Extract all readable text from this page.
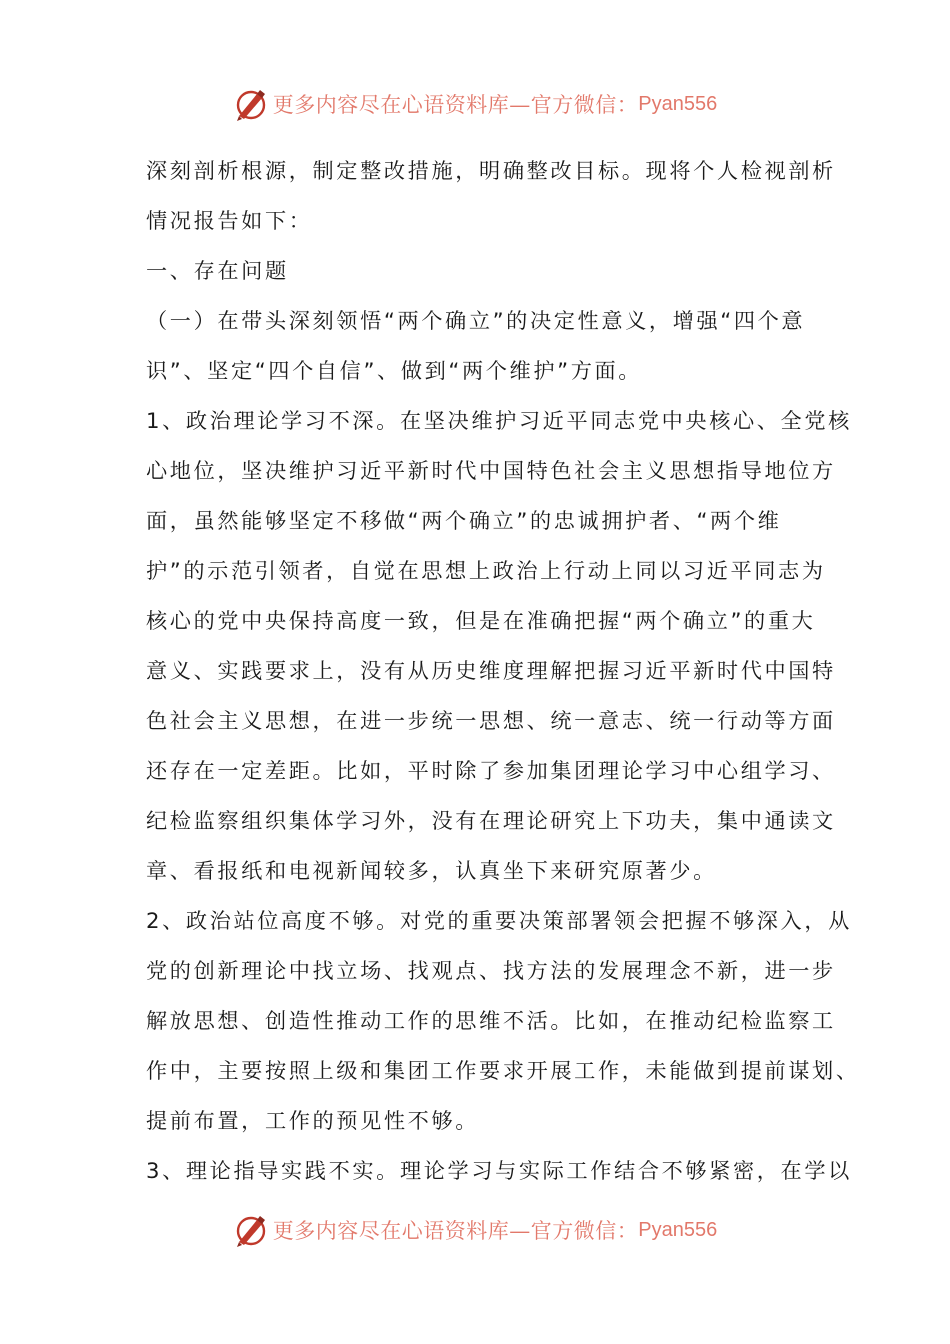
更多内容尽在心语资料库—官方微信： Pyan556

深刻剖析根源，制定整改措施，明确整改目标。现将个人检视剖析

情况报告如下：

一、存在问题

（一）在带头深刻领悟“两个确立”的决定性意义，增强“四个意

识”、坚定“四个自信”、做到“两个维护”方面。

1、政治理论学习不深。在坚决维护习近平同志党中央核心、全党核

心地位，坚决维护习近平新时代中国特色社会主义思想指导地位方

面，虽然能够坚定不移做“两个确立”的忠诚拥护者、“两个维

护”的示范引领者，自觉在思想上政治上行动上同以习近平同志为

核心的党中央保持高度一致，但是在准确把握“两个确立”的重大

意义、实践要求上，没有从历史维度理解把握习近平新时代中国特

色社会主义思想，在进一步统一思想、统一意志、统一行动等方面

还存在一定差距。比如，平时除了参加集团理论学习中心组学习、

纪检监察组织集体学习外，没有在理论研究上下功夫，集中通读文

章、看报纸和电视新闻较多，认真坐下来研究原著少。

2、政治站位高度不够。对党的重要决策部署领会把握不够深入，从

党的创新理论中找立场、找观点、找方法的发展理念不新，进一步

解放思想、创造性推动工作的思维不活。比如，在推动纪检监察工

作中，主要按照上级和集团工作要求开展工作，未能做到提前谋划、

提前布置，工作的预见性不够。

3、理论指导实践不实。理论学习与实际工作结合不够紧密，在学以

更多内容尽在心语资料库—官方微信： Pyan556
